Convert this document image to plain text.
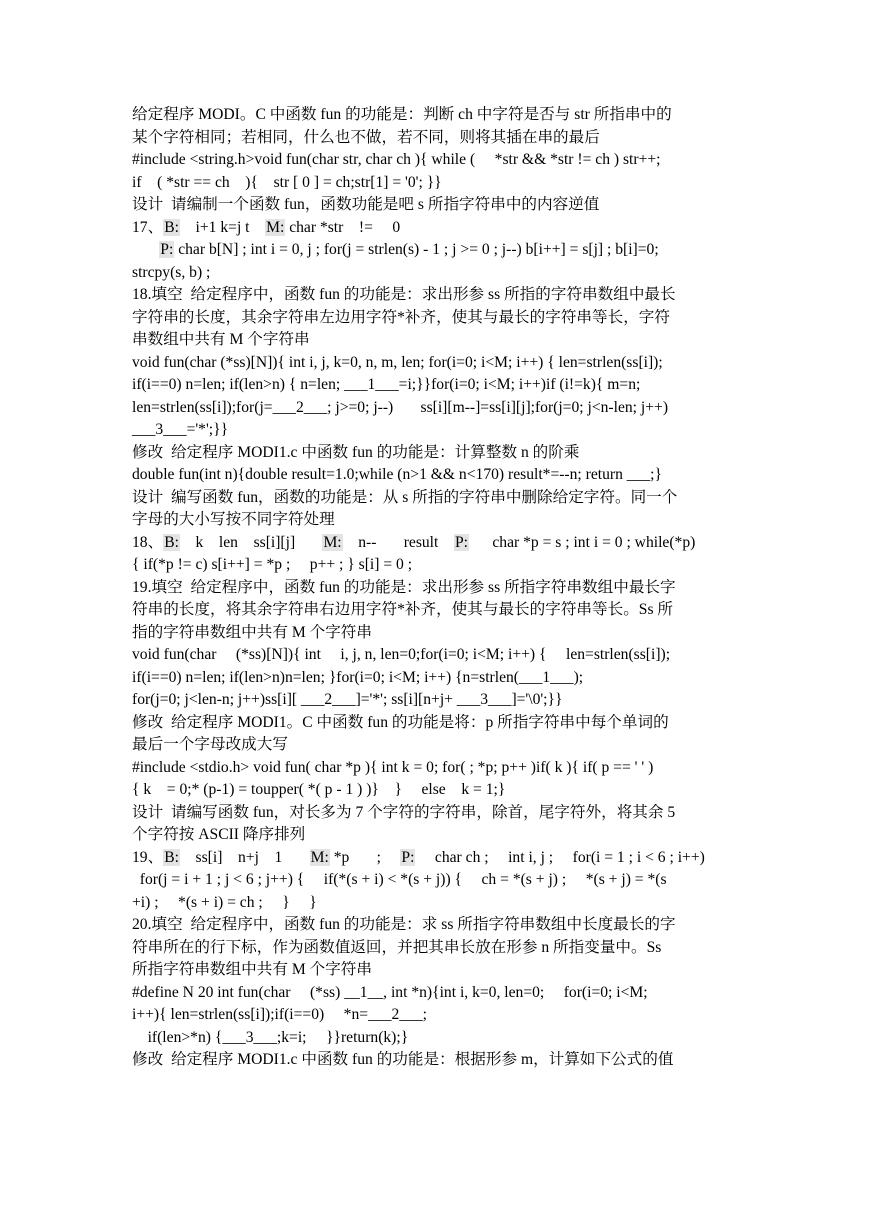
给定程序 MODI。C 中函数 fun 的功能是：判断 ch 中字符是否与 str 所指串中的
某个字符相同；若相同，什么也不做，若不同，则将其插在串的最后
#include <string.h>void fun(char str, char ch ){ while (     *str && *str != ch ) str++;
if    ( *str == ch    ){    str [ 0 ] = ch;str[1] = '0'; }}
设计  请编制一个函数 fun，函数功能是吧 s 所指字符串中的内容逆值
17、B:    i+1 k=j t    M: char *str    !=     0
P: char b[N] ; int i = 0, j ; for(j = strlen(s) - 1 ; j >= 0 ; j--) b[i++] = s[j] ; b[i]=0;
strcpy(s, b) ;
18.填空  给定程序中，函数 fun 的功能是：求出形参 ss 所指的字符串数组中最长
字符串的长度，其余字符串左边用字符*补齐，使其与最长的字符串等长，字符
串数组中共有 M 个字符串
void fun(char (*ss)[N]){ int i, j, k=0, n, m, len; for(i=0; i<M; i++) { len=strlen(ss[i]);
if(i==0) n=len; if(len>n) { n=len; ___1___=i;}}for(i=0; i<M; i++)if (i!=k){ m=n;
len=strlen(ss[i]);for(j=___2___; j>=0; j--)       ss[i][m--]=ss[i][j];for(j=0; j<n-len; j++)
___3___='*';}}
修改  给定程序 MODI1.c 中函数 fun 的功能是：计算整数 n 的阶乘
double fun(int n){double result=1.0;while (n>1 && n<170) result*=--n; return ___;}
设计  编写函数 fun，函数的功能是：从 s 所指的字符串中删除给定字符。同一个
字母的大小写按不同字符处理
18、B:    k    len    ss[i][j]       M:    n--       result    P:      char *p = s ; int i = 0 ; while(*p)
{ if(*p != c) s[i++] = *p ;     p++ ; } s[i] = 0 ;
19.填空  给定程序中，函数 fun 的功能是：求出形参 ss 所指字符串数组中最长字
符串的长度，将其余字符串右边用字符*补齐，使其与最长的字符串等长。Ss 所
指的字符串数组中共有 M 个字符串
void fun(char     (*ss)[N]){ int     i, j, n, len=0;for(i=0; i<M; i++) {     len=strlen(ss[i]);
if(i==0) n=len; if(len>n)n=len; }for(i=0; i<M; i++) {n=strlen(___1___);
for(j=0; j<len-n; j++)ss[i][ ___2___]='*'; ss[i][n+j+ ___3___]='\0';}}
修改  给定程序 MODI1。C 中函数 fun 的功能是将：p 所指字符串中每个单词的
最后一个字母改成大写
#include <stdio.h> void fun( char *p ){ int k = 0; for( ; *p; p++ )if( k ){ if( p == ' ' )
{ k    = 0;* (p-1) = toupper( *( p - 1 ) )}    }     else    k = 1;}
设计  请编写函数 fun，对长多为 7 个字符的字符串，除首，尾字符外，将其余 5
个字符按 ASCII 降序排列
19、B:    ss[i]    n+j    1       M: *p       ;     P:     char ch ;     int i, j ;     for(i = 1 ; i < 6 ; i++)
for(j = i + 1 ; j < 6 ; j++) {     if(*(s + i) < *(s + j)) {     ch = *(s + j) ;     *(s + j) = *(s
+i) ;     *(s + i) = ch ;     }     }
20.填空  给定程序中，函数 fun 的功能是：求 ss 所指字符串数组中长度最长的字
符串所在的行下标，作为函数值返回，并把其串长放在形参 n 所指变量中。Ss
所指字符串数组中共有 M 个字符串
#define N 20 int fun(char     (*ss) __1__, int *n){int i, k=0, len=0;     for(i=0; i<M;
i++){ len=strlen(ss[i]);if(i==0)     *n=___2___;
if(len>*n) {___3___;k=i;     }}return(k);}
修改  给定程序 MODI1.c 中函数 fun 的功能是：根据形参 m，计算如下公式的值
